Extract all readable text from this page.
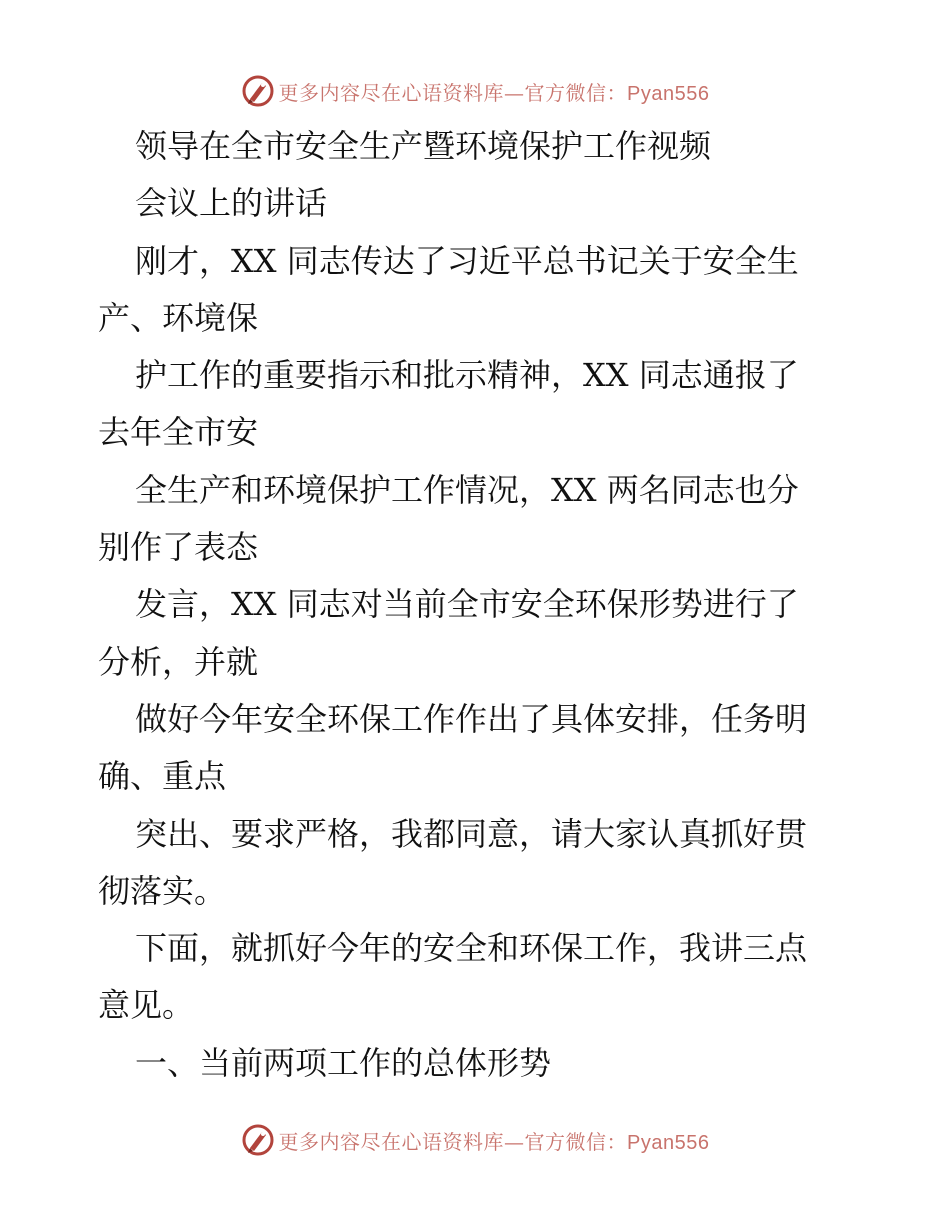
更多内容尽在心语资料库—官方微信：Pyan556
领导在全市安全生产暨环境保护工作视频
会议上的讲话
刚才，XX 同志传达了习近平总书记关于安全生
产、环境保
护工作的重要指示和批示精神，XX 同志通报了
去年全市安
全生产和环境保护工作情况，XX 两名同志也分
别作了表态
发言，XX 同志对当前全市安全环保形势进行了
分析，并就
做好今年安全环保工作作出了具体安排，任务明
确、重点
突出、要求严格，我都同意，请大家认真抓好贯
彻落实。
下面，就抓好今年的安全和环保工作，我讲三点
意见。
一、当前两项工作的总体形势
更多内容尽在心语资料库—官方微信：Pyan556
